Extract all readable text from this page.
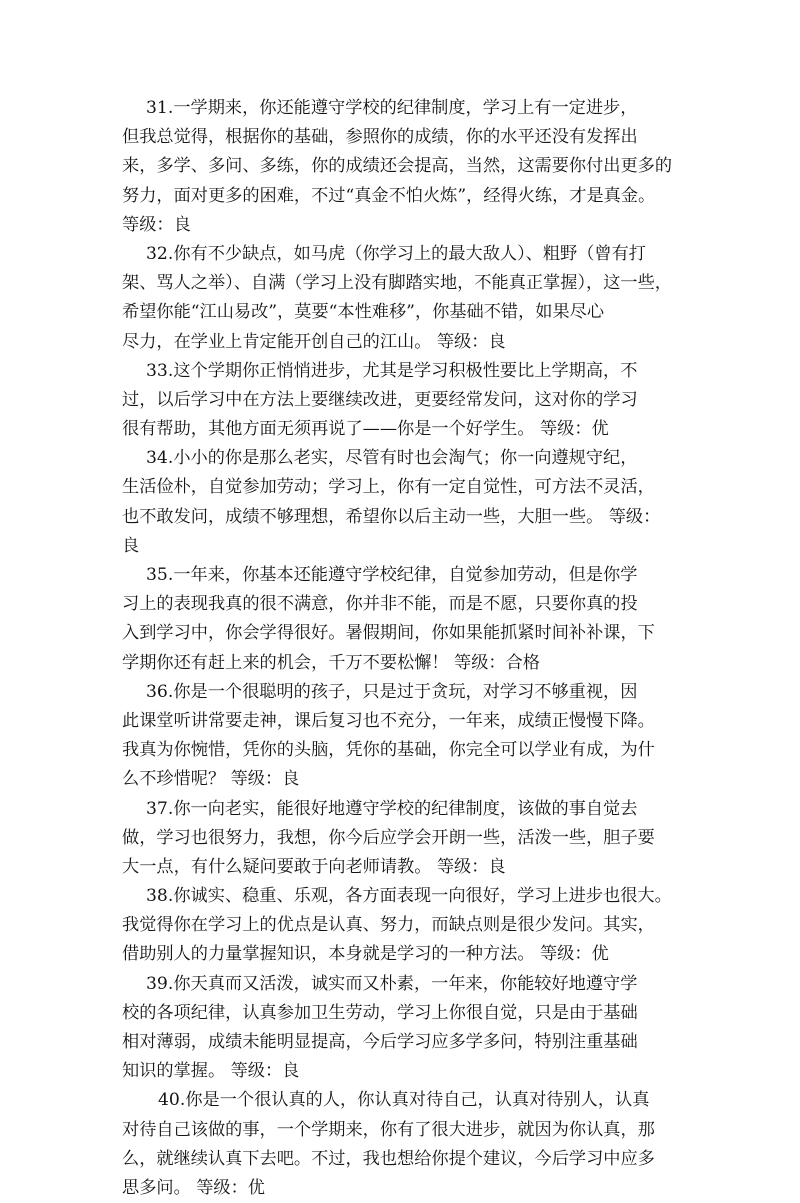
31.一学期来，你还能遵守学校的纪律制度，学习上有一定进步，
但我总觉得，根据你的基础，参照你的成绩，你的水平还没有发挥出
来，多学、多问、多练，你的成绩还会提高，当然，这需要你付出更多的
努力，面对更多的困难，不过“真金不怕火炼”，经得火练，才是真金。
等级：良
32.你有不少缺点，如马虎（你学习上的最大敌人）、粗野（曾有打
架、骂人之举）、自满（学习上没有脚踏实地，不能真正掌握），这一些，
希望你能“江山易改”，莫要“本性难移”，你基础不错，如果尽心
尽力，在学业上肯定能开创自己的江山。 等级：良
33.这个学期你正悄悄进步，尤其是学习积极性要比上学期高，不
过，以后学习中在方法上要继续改进，更要经常发问，这对你的学习
很有帮助，其他方面无须再说了——你是一个好学生。 等级：优
34.小小的你是那么老实，尽管有时也会淘气；你一向遵规守纪，
生活俭朴，自觉参加劳动；学习上，你有一定自觉性，可方法不灵活，
也不敢发问，成绩不够理想，希望你以后主动一些，大胆一些。 等级：
良
35.一年来，你基本还能遵守学校纪律，自觉参加劳动，但是你学
习上的表现我真的很不满意，你并非不能，而是不愿，只要你真的投
入到学习中，你会学得很好。暑假期间，你如果能抓紧时间补补课，下
学期你还有赶上来的机会，千万不要松懈！ 等级：合格
36.你是一个很聪明的孩子，只是过于贪玩，对学习不够重视，因
此课堂听讲常要走神，课后复习也不充分，一年来，成绩正慢慢下降。
我真为你惋惜，凭你的头脑，凭你的基础，你完全可以学业有成，为什
么不珍惜呢？ 等级：良
37.你一向老实，能很好地遵守学校的纪律制度，该做的事自觉去
做，学习也很努力，我想，你今后应学会开朗一些，活泼一些，胆子要
大一点，有什么疑问要敢于向老师请教。 等级：良
38.你诚实、稳重、乐观，各方面表现一向很好，学习上进步也很大。
我觉得你在学习上的优点是认真、努力，而缺点则是很少发问。其实，
借助别人的力量掌握知识，本身就是学习的一种方法。 等级：优
39.你天真而又活泼，诚实而又朴素，一年来，你能较好地遵守学
校的各项纪律，认真参加卫生劳动，学习上你很自觉，只是由于基础
相对薄弱，成绩未能明显提高，今后学习应多学多问，特别注重基础
知识的掌握。 等级：良
40.你是一个很认真的人，你认真对待自己，认真对待别人，认真
对待自己该做的事，一个学期来，你有了很大进步，就因为你认真，那
么，就继续认真下去吧。不过，我也想给你提个建议，今后学习中应多
思多问。 等级：优
